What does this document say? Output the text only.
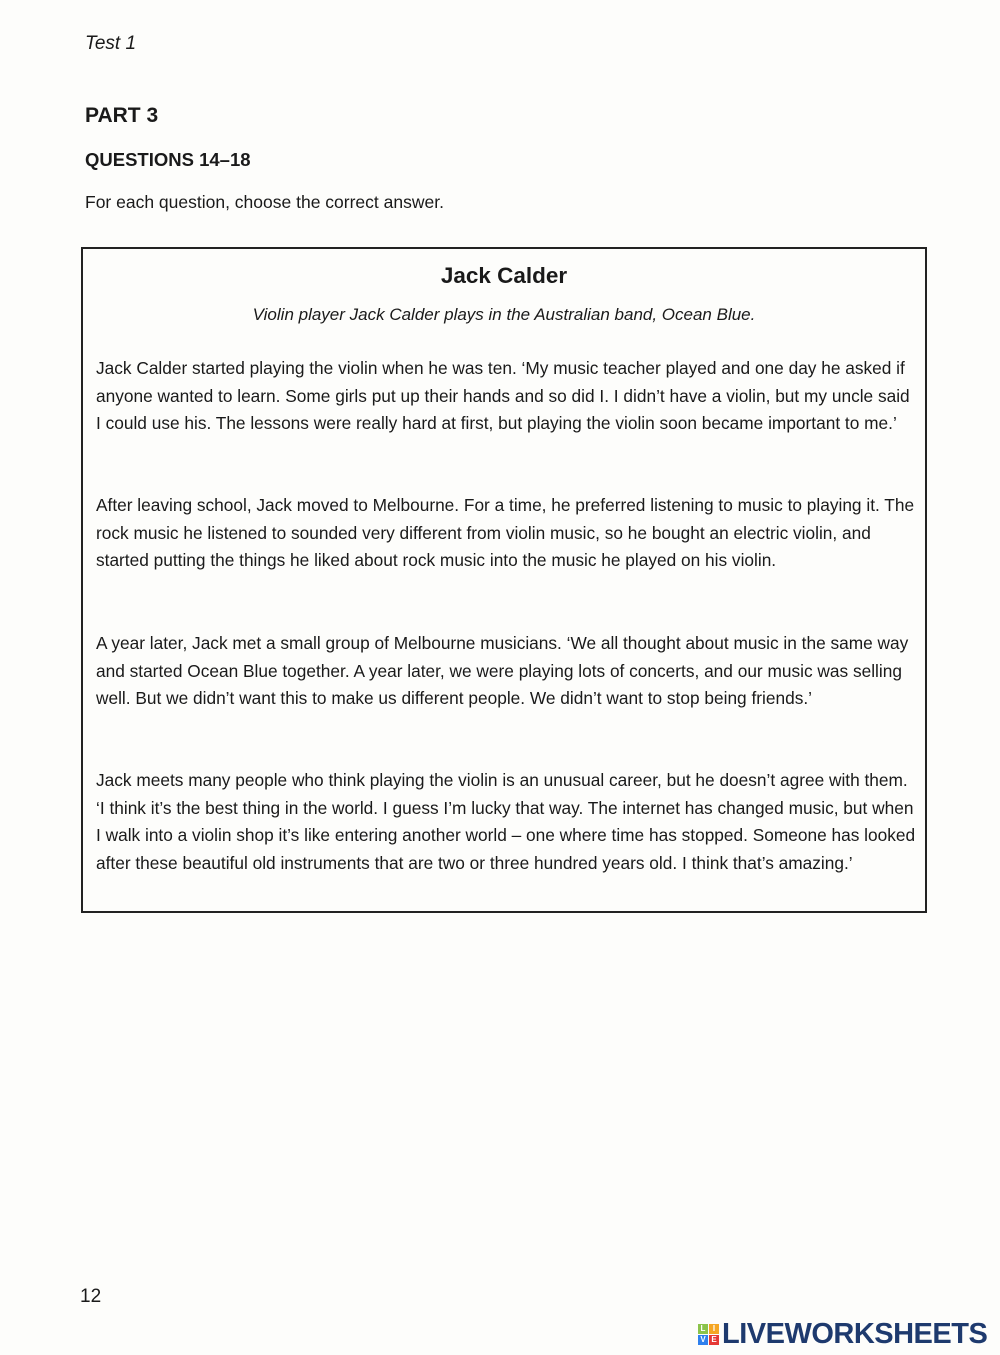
Test 1
PART 3
QUESTIONS 14–18
For each question, choose the correct answer.
Jack Calder
Violin player Jack Calder plays in the Australian band, Ocean Blue.
Jack Calder started playing the violin when he was ten. ‘My music teacher played and one day he asked if anyone wanted to learn. Some girls put up their hands and so did I. I didn’t have a violin, but my uncle said I could use his. The lessons were really hard at first, but playing the violin soon became important to me.’
After leaving school, Jack moved to Melbourne. For a time, he preferred listening to music to playing it. The rock music he listened to sounded very different from violin music, so he bought an electric violin, and started putting the things he liked about rock music into the music he played on his violin.
A year later, Jack met a small group of Melbourne musicians. ‘We all thought about music in the same way and started Ocean Blue together. A year later, we were playing lots of concerts, and our music was selling well. But we didn’t want this to make us different people. We didn’t want to stop being friends.’
Jack meets many people who think playing the violin is an unusual career, but he doesn’t agree with them. ‘I think it’s the best thing in the world. I guess I’m lucky that way. The internet has changed music, but when I walk into a violin shop it’s like entering another world – one where time has stopped. Someone has looked after these beautiful old instruments that are two or three hundred years old. I think that’s amazing.’
12
L I
V E LIVEWORKSHEETS
